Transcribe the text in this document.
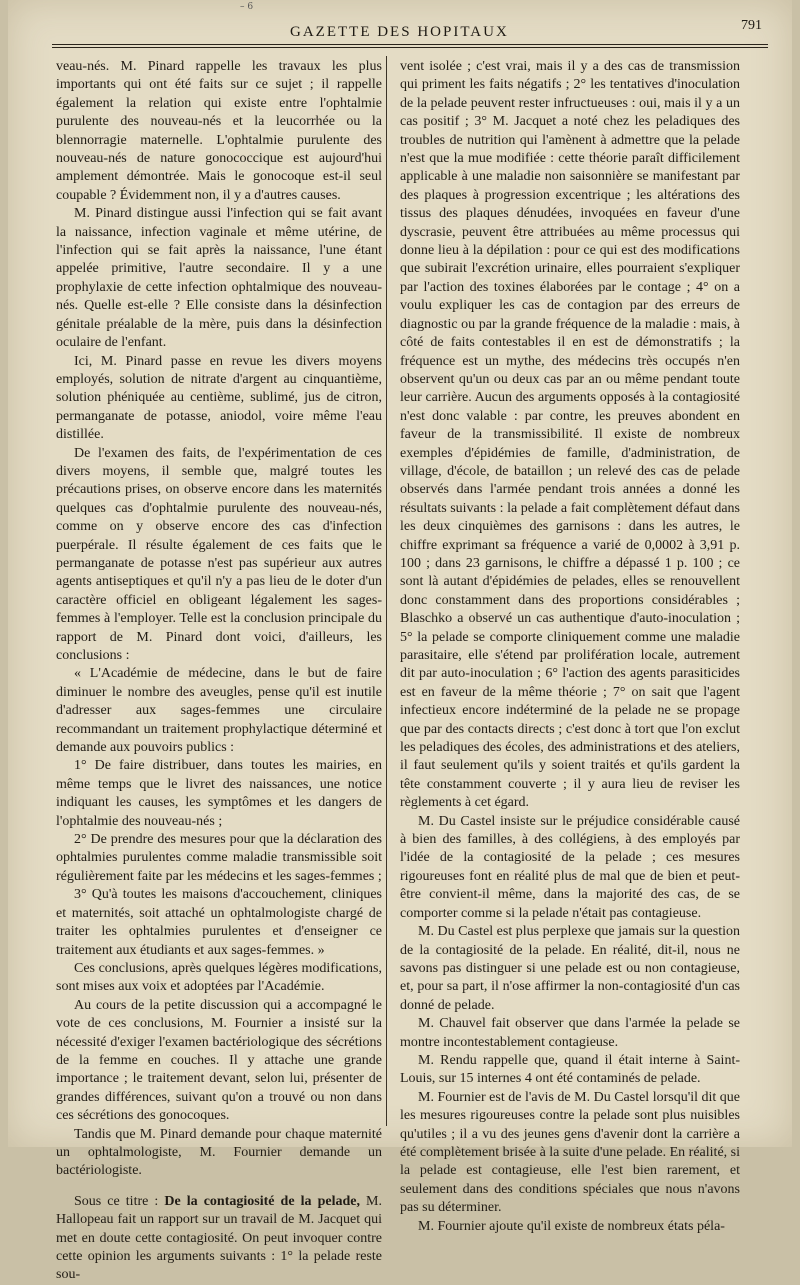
– 6
GAZETTE DES HOPITAUX	791

veau-nés. M. Pinard rappelle les travaux les plus importants qui ont été faits sur ce sujet ; il rappelle également la relation qui existe entre l'ophtalmie purulente des nouveau-nés et la leucorrhée ou la blennorragie maternelle. L'ophtalmie purulente des nouveau-nés de nature gonococcique est aujourd'hui amplement démontrée. Mais le gonocoque est-il seul coupable ? Évidemment non, il y a d'autres causes.

M. Pinard distingue aussi l'infection qui se fait avant la naissance, infection vaginale et même utérine, de l'infection qui se fait après la naissance, l'une étant appelée primitive, l'autre secondaire. Il y a une prophylaxie de cette infection ophtalmique des nouveau-nés. Quelle est-elle ? Elle consiste dans la désinfection génitale préalable de la mère, puis dans la désinfection oculaire de l'enfant.

Ici, M. Pinard passe en revue les divers moyens employés, solution de nitrate d'argent au cinquantième, solution phéniquée au centième, sublimé, jus de citron, permanganate de potasse, aniodol, voire même l'eau distillée.

De l'examen des faits, de l'expérimentation de ces divers moyens, il semble que, malgré toutes les précautions prises, on observe encore dans les maternités quelques cas d'ophtalmie purulente des nouveau-nés, comme on y observe encore des cas d'infection puerpérale. Il résulte également de ces faits que le permanganate de potasse n'est pas supérieur aux autres agents antiseptiques et qu'il n'y a pas lieu de le doter d'un caractère officiel en obligeant légalement les sages-femmes à l'employer. Telle est la conclusion principale du rapport de M. Pinard dont voici, d'ailleurs, les conclusions :

« L'Académie de médecine, dans le but de faire diminuer le nombre des aveugles, pense qu'il est inutile d'adresser aux sages-femmes une circulaire recommandant un traitement prophylactique déterminé et demande aux pouvoirs publics :

1° De faire distribuer, dans toutes les mairies, en même temps que le livret des naissances, une notice indiquant les causes, les symptômes et les dangers de l'ophtalmie des nouveau-nés ;

2° De prendre des mesures pour que la déclaration des ophtalmies purulentes comme maladie transmissible soit régulièrement faite par les médecins et les sages-femmes ;

3° Qu'à toutes les maisons d'accouchement, cliniques et maternités, soit attaché un ophtalmologiste chargé de traiter les ophtalmies purulentes et d'enseigner ce traitement aux étudiants et aux sages-femmes. »

Ces conclusions, après quelques légères modifications, sont mises aux voix et adoptées par l'Académie.

Au cours de la petite discussion qui a accompagné le vote de ces conclusions, M. Fournier a insisté sur la nécessité d'exiger l'examen bactériologique des sécrétions de la femme en couches. Il y attache une grande importance ; le traitement devant, selon lui, présenter de grandes différences, suivant qu'on a trouvé ou non dans ces sécrétions des gonocoques.

Tandis que M. Pinard demande pour chaque maternité un ophtalmologiste, M. Fournier demande un bactériologiste.

Sous ce titre : De la contagiosité de la pelade, M. Hallopeau fait un rapport sur un travail de M. Jacquet qui met en doute cette contagiosité. On peut invoquer contre cette opinion les arguments suivants : 1° la pelade reste sou-

vent isolée ; c'est vrai, mais il y a des cas de transmission qui priment les faits négatifs ; 2° les tentatives d'inoculation de la pelade peuvent rester infructueuses : oui, mais il y a un cas positif ; 3° M. Jacquet a noté chez les peladiques des troubles de nutrition qui l'amènent à admettre que la pelade n'est que la mue modifiée : cette théorie paraît difficilement applicable à une maladie non saisonnière se manifestant par des plaques à progression excentrique ; les altérations des tissus des plaques dénudées, invoquées en faveur d'une dyscrasie, peuvent être attribuées au même processus qui donne lieu à la dépilation : pour ce qui est des modifications que subirait l'excrétion urinaire, elles pourraient s'expliquer par l'action des toxines élaborées par le contage ; 4° on a voulu expliquer les cas de contagion par des erreurs de diagnostic ou par la grande fréquence de la maladie : mais, à côté de faits contestables il en est de démonstratifs ; la fréquence est un mythe, des médecins très occupés n'en observent qu'un ou deux cas par an ou même pendant toute leur carrière. Aucun des arguments opposés à la contagiosité n'est donc valable : par contre, les preuves abondent en faveur de la transmissibilité. Il existe de nombreux exemples d'épidémies de famille, d'administration, de village, d'école, de bataillon ; un relevé des cas de pelade observés dans l'armée pendant trois années a donné les résultats suivants : la pelade a fait complètement défaut dans les deux cinquièmes des garnisons : dans les autres, le chiffre exprimant sa fréquence a varié de 0,0002 à 3,91 p. 100 ; dans 23 garnisons, le chiffre a dépassé 1 p. 100 ; ce sont là autant d'épidémies de pelades, elles se renouvellent donc constamment dans des proportions considérables ; Blaschko a observé un cas authentique d'auto-inoculation ; 5° la pelade se comporte cliniquement comme une maladie parasitaire, elle s'étend par prolifération locale, autrement dit par auto-inoculation ; 6° l'action des agents parasiticides est en faveur de la même théorie ; 7° on sait que l'agent infectieux encore indéterminé de la pelade ne se propage que par des contacts directs ; c'est donc à tort que l'on exclut les peladiques des écoles, des administrations et des ateliers, il faut seulement qu'ils y soient traités et qu'ils gardent la tête constamment couverte ; il y aura lieu de reviser les règlements à cet égard.

M. Du Castel insiste sur le préjudice considérable causé à bien des familles, à des collégiens, à des employés par l'idée de la contagiosité de la pelade ; ces mesures rigoureuses font en réalité plus de mal que de bien et peut-être convient-il même, dans la majorité des cas, de se comporter comme si la pelade n'était pas contagieuse.

M. Du Castel est plus perplexe que jamais sur la question de la contagiosité de la pelade. En réalité, dit-il, nous ne savons pas distinguer si une pelade est ou non contagieuse, et, pour sa part, il n'ose affirmer la non-contagiosité d'un cas donné de pelade.

M. Chauvel fait observer que dans l'armée la pelade se montre incontestablement contagieuse.

M. Rendu rappelle que, quand il était interne à Saint-Louis, sur 15 internes 4 ont été contaminés de pelade.

M. Fournier est de l'avis de M. Du Castel lorsqu'il dit que les mesures rigoureuses contre la pelade sont plus nuisibles qu'utiles ; il a vu des jeunes gens d'avenir dont la carrière a été complètement brisée à la suite d'une pelade. En réalité, si la pelade est contagieuse, elle l'est bien rarement, et seulement dans des conditions spéciales que nous n'avons pas su déterminer.

M. Fournier ajoute qu'il existe de nombreux états péla-
